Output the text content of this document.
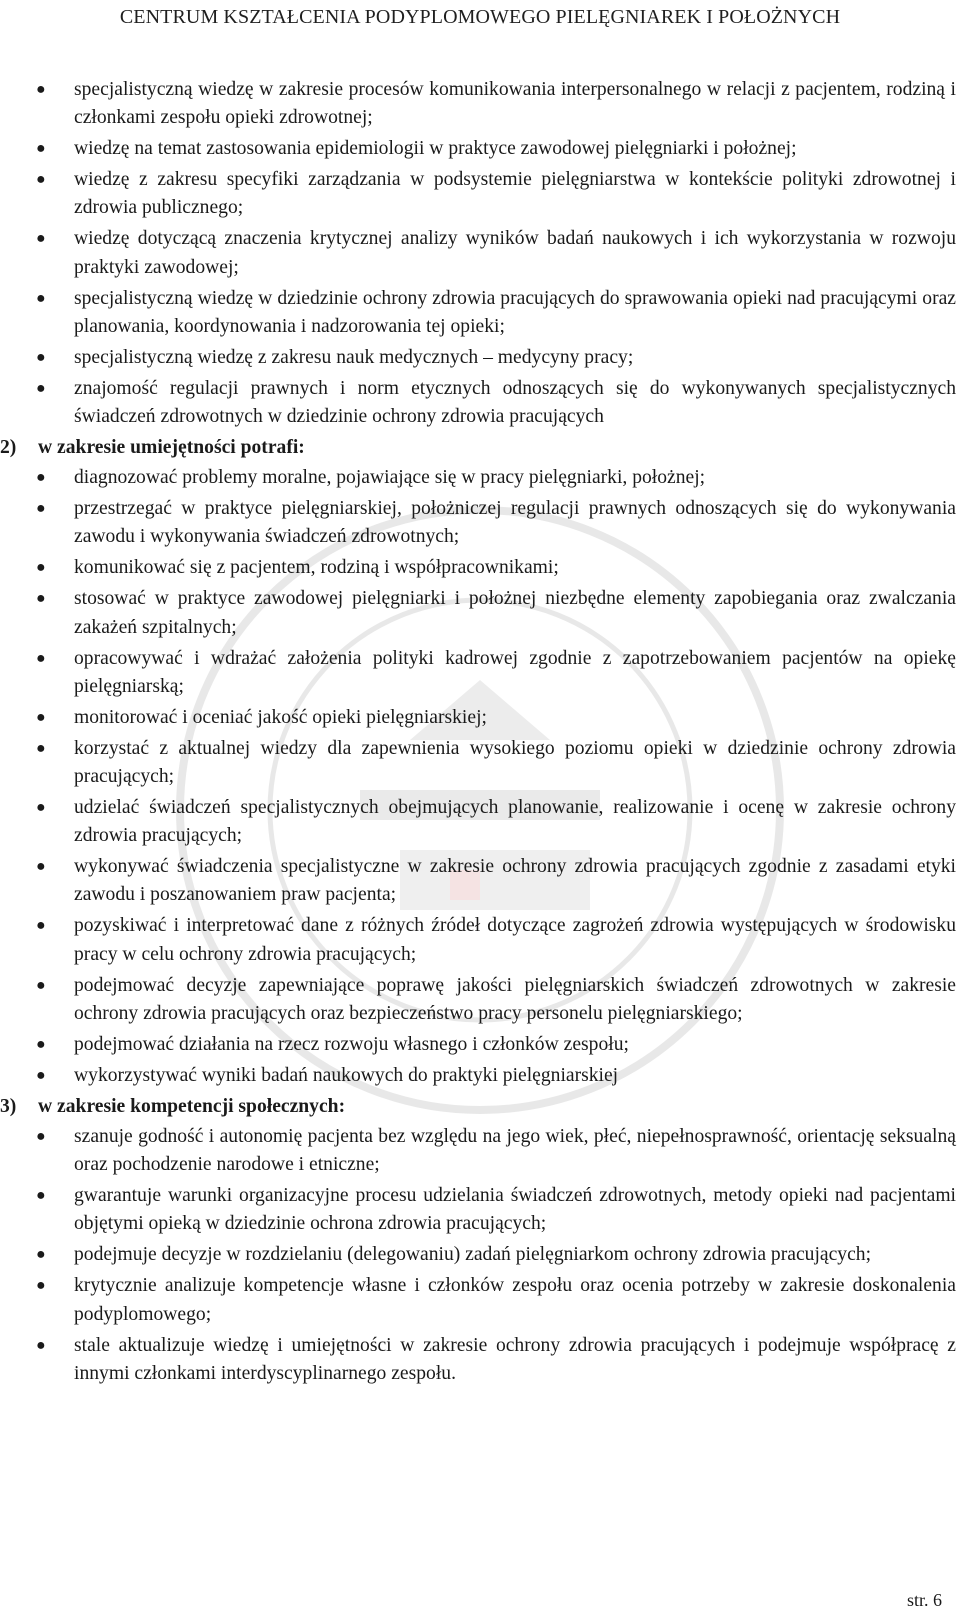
CENTRUM KSZTAŁCENIA PODYPLOMOWEGO PIELĘGNIAREK I POŁOŻNYCH
● specjalistyczną wiedzę w zakresie procesów komunikowania interpersonalnego w relacji z pacjentem, rodziną i członkami zespołu opieki zdrowotnej;
● wiedzę na temat zastosowania epidemiologii w praktyce zawodowej pielęgniarki i położnej;
● wiedzę z zakresu specyfiki zarządzania w podsystemie pielęgniarstwa w kontekście polityki zdrowotnej i zdrowia publicznego;
● wiedzę dotyczącą znaczenia krytycznej analizy wyników badań naukowych i ich wykorzystania w rozwoju praktyki zawodowej;
● specjalistyczną wiedzę w dziedzinie ochrony zdrowia pracujących do sprawowania opieki nad pracującymi oraz planowania, koordynowania i nadzorowania tej opieki;
● specjalistyczną wiedzę z zakresu nauk medycznych – medycyny pracy;
● znajomość regulacji prawnych i norm etycznych odnoszących się do wykonywanych specjalistycznych świadczeń zdrowotnych w dziedzinie ochrony zdrowia pracujących
2) w zakresie umiejętności potrafi:
● diagnozować problemy moralne, pojawiające się w pracy pielęgniarki, położnej;
● przestrzegać w praktyce pielęgniarskiej, położniczej regulacji prawnych odnoszących się do wykonywania zawodu i wykonywania świadczeń zdrowotnych;
● komunikować się z pacjentem, rodziną i współpracownikami;
● stosować w praktyce zawodowej pielęgniarki i położnej niezbędne elementy zapobiegania oraz zwalczania zakażeń szpitalnych;
● opracowywać i wdrażać założenia polityki kadrowej zgodnie z zapotrzebowaniem pacjentów na opiekę pielęgniarską;
● monitorować i oceniać jakość opieki pielęgniarskiej;
● korzystać z aktualnej wiedzy dla zapewnienia wysokiego poziomu opieki w dziedzinie ochrony zdrowia pracujących;
● udzielać świadczeń specjalistycznych obejmujących planowanie, realizowanie i ocenę w zakresie ochrony zdrowia pracujących;
● wykonywać świadczenia specjalistyczne w zakresie ochrony zdrowia pracujących zgodnie z zasadami etyki zawodu i poszanowaniem praw pacjenta;
● pozyskiwać i interpretować dane z różnych źródeł dotyczące zagrożeń zdrowia występujących w środowisku pracy w celu ochrony zdrowia pracujących;
● podejmować decyzje zapewniające poprawę jakości pielęgniarskich świadczeń zdrowotnych w zakresie ochrony zdrowia pracujących oraz bezpieczeństwo pracy personelu pielęgniarskiego;
● podejmować działania na rzecz rozwoju własnego i członków zespołu;
● wykorzystywać wyniki badań naukowych do praktyki pielęgniarskiej
3) w zakresie kompetencji społecznych:
● szanuje godność i autonomię pacjenta bez względu na jego wiek, płeć, niepełnosprawność, orientację seksualną oraz pochodzenie narodowe i etniczne;
● gwarantuje warunki organizacyjne procesu udzielania świadczeń zdrowotnych, metody opieki nad pacjentami objętymi opieką w dziedzinie ochrona zdrowia pracujących;
● podejmuje decyzje w rozdzielaniu (delegowaniu) zadań pielęgniarkom ochrony zdrowia pracujących;
● krytycznie analizuje kompetencje własne i członków zespołu oraz ocenia potrzeby w zakresie doskonalenia podyplomowego;
● stale aktualizuje wiedzę i umiejętności w zakresie ochrony zdrowia pracujących i podejmuje współpracę z innymi członkami interdyscyplinarnego zespołu.
str. 6
